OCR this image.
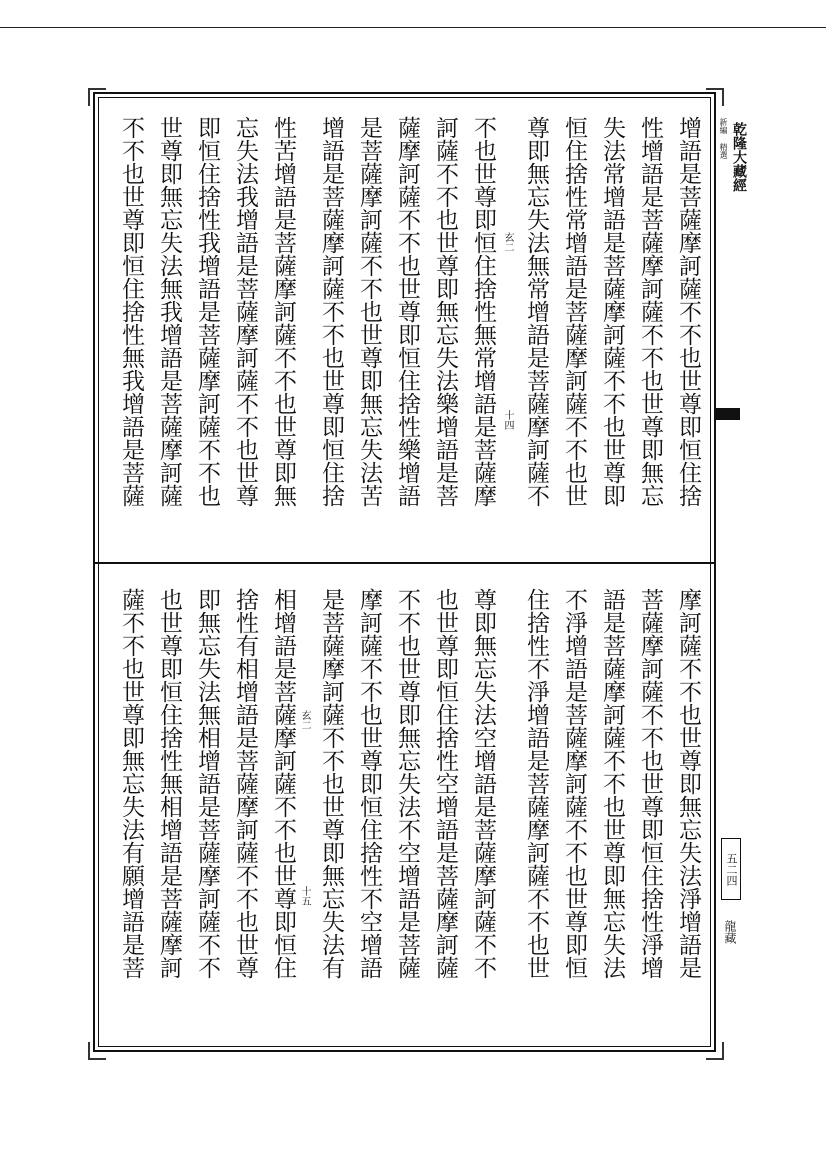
新編 精選 乾隆大藏經
五二四
龍藏
增語是菩薩摩訶薩不不也世尊即恒住捨
性增語是菩薩摩訶薩不不也世尊即無忘
失法常增語是菩薩摩訶薩不不也世尊即
恒住捨性常增語是菩薩摩訶薩不不也世
尊即無忘失法無常增語是菩薩摩訶薩不
不也世尊即恒住捨性無常增語是菩薩摩
訶薩不不也世尊即無忘失法樂增語是菩
薩摩訶薩不不也世尊即恒住捨性樂增語
是菩薩摩訶薩不不也世尊即無忘失法苦
增語是菩薩摩訶薩不不也世尊即恒住捨
性苦增語是菩薩摩訶薩不不也世尊即無
忘失法我增語是菩薩摩訶薩不不也世尊
即恒住捨性我增語是菩薩摩訶薩不不也
世尊即無忘失法無我增語是菩薩摩訶薩
不不也世尊即恒住捨性無我增語是菩薩	玄二
十四
摩訶薩不不也世尊即無忘失法淨增語是
菩薩摩訶薩不不也世尊即恒住捨性淨增
語是菩薩摩訶薩不不也世尊即無忘失法
不淨增語是菩薩摩訶薩不不也世尊即恒
住捨性不淨增語是菩薩摩訶薩不不也世
尊即無忘失法空增語是菩薩摩訶薩不不
也世尊即恒住捨性空增語是菩薩摩訶薩
不不也世尊即無忘失法不空增語是菩薩
摩訶薩不不也世尊即恒住捨性不空增語
是菩薩摩訶薩不不也世尊即無忘失法有
相增語是菩薩摩訶薩不不也世尊即恒住
捨性有相增語是菩薩摩訶薩不不也世尊
即無忘失法無相增語是菩薩摩訶薩不不
也世尊即恒住捨性無相增語是菩薩摩訶
薩不不也世尊即無忘失法有願增語是菩	玄二
十五
